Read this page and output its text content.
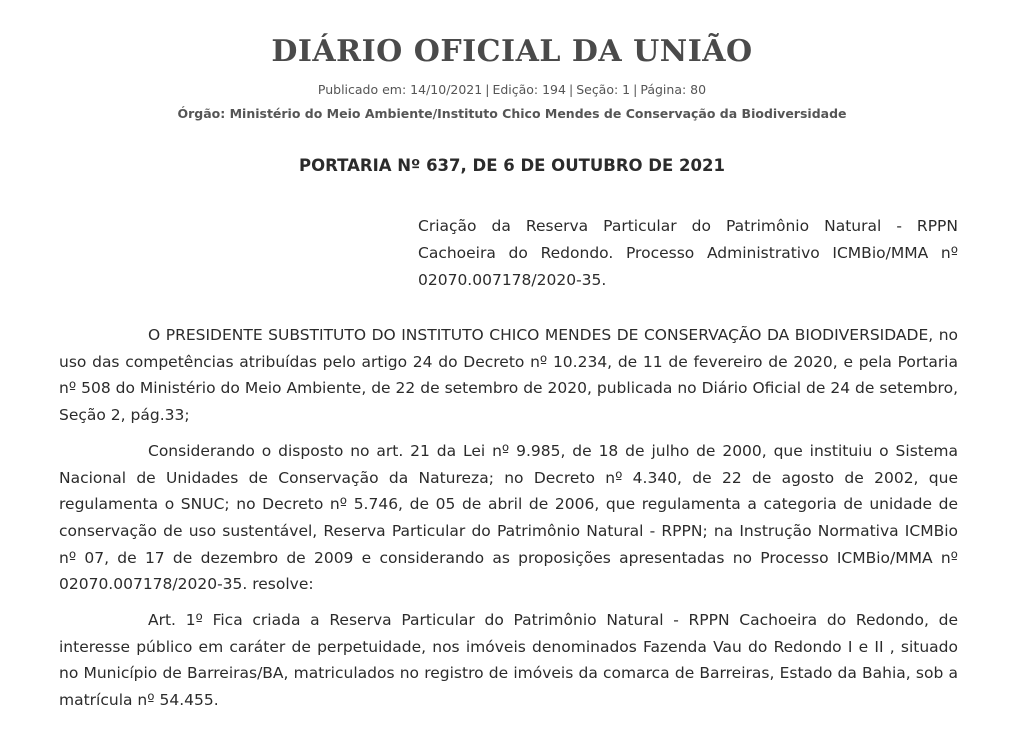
DIÁRIO OFICIAL DA UNIÃO
Publicado em: 14/10/2021 | Edição: 194 | Seção: 1 | Página: 80
Órgão: Ministério do Meio Ambiente/Instituto Chico Mendes de Conservação da Biodiversidade
PORTARIA Nº 637, DE 6 DE OUTUBRO DE 2021
Criação da Reserva Particular do Patrimônio Natural - RPPN Cachoeira do Redondo. Processo Administrativo ICMBio/MMA nº 02070.007178/2020-35.

O PRESIDENTE SUBSTITUTO DO INSTITUTO CHICO MENDES DE CONSERVAÇÃO DA BIODIVERSIDADE, no uso das competências atribuídas pelo artigo 24 do Decreto nº 10.234, de 11 de fevereiro de 2020, e pela Portaria nº 508 do Ministério do Meio Ambiente, de 22 de setembro de 2020, publicada no Diário Oficial de 24 de setembro, Seção 2, pág.33;

Considerando o disposto no art. 21 da Lei nº 9.985, de 18 de julho de 2000, que instituiu o Sistema Nacional de Unidades de Conservação da Natureza; no Decreto nº 4.340, de 22 de agosto de 2002, que regulamenta o SNUC; no Decreto nº 5.746, de 05 de abril de 2006, que regulamenta a categoria de unidade de conservação de uso sustentável, Reserva Particular do Patrimônio Natural - RPPN; na Instrução Normativa ICMBio nº 07, de 17 de dezembro de 2009 e considerando as proposições apresentadas no Processo ICMBio/MMA nº 02070.007178/2020-35. resolve:

Art. 1º Fica criada a Reserva Particular do Patrimônio Natural - RPPN Cachoeira do Redondo, de interesse público em caráter de perpetuidade, nos imóveis denominados Fazenda Vau do Redondo I e II , situado no Município de Barreiras/BA, matriculados no registro de imóveis da comarca de Barreiras, Estado da Bahia, sob a matrícula nº 54.455.
